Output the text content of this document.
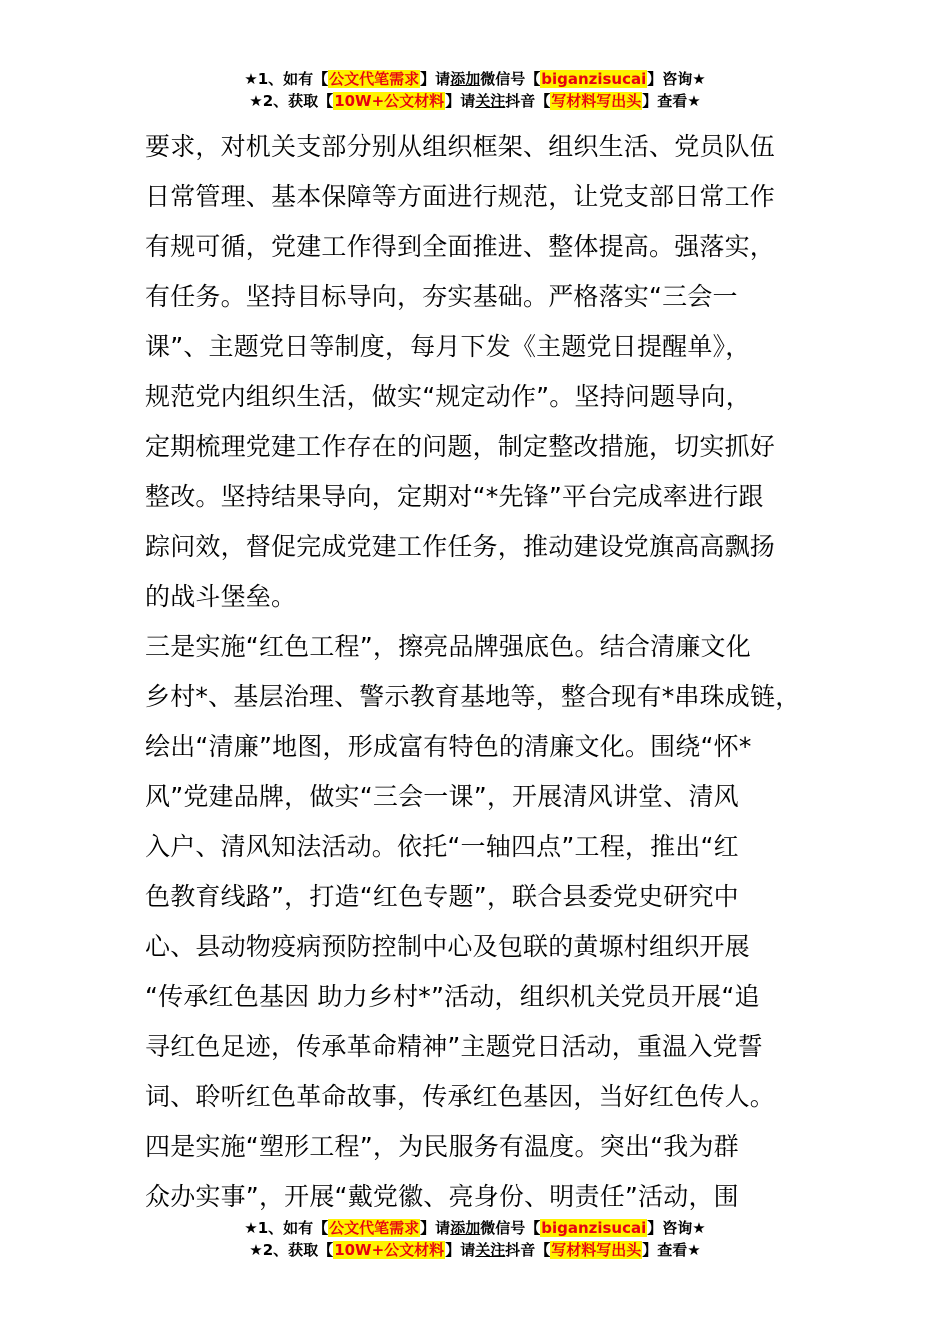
★1、如有【公文代笔需求】请添加微信号【biganzisucai】咨询★
★2、获取【10W+公文材料】请关注抖音【写材料写出头】查看★
要求，对机关支部分别从组织框架、组织生活、党员队伍
日常管理、基本保障等方面进行规范，让党支部日常工作
有规可循，党建工作得到全面推进、整体提高。强落实，
有任务。坚持目标导向，夯实基础。严格落实“三会一
课”、主题党日等制度，每月下发《主题党日提醒单》，
规范党内组织生活，做实“规定动作”。坚持问题导向，
定期梳理党建工作存在的问题，制定整改措施，切实抓好
整改。坚持结果导向，定期对“*先锋”平台完成率进行跟
踪问效，督促完成党建工作任务，推动建设党旗高高飘扬
的战斗堡垒。
三是实施“红色工程”，擦亮品牌强底色。结合清廉文化
乡村*、基层治理、警示教育基地等，整合现有*串珠成链，
绘出“清廉”地图，形成富有特色的清廉文化。围绕“怀*
风”党建品牌，做实“三会一课”，开展清风讲堂、清风
入户、清风知法活动。依托“一轴四点”工程，推出“红
色教育线路”，打造“红色专题”，联合县委党史研究中
心、县动物疫病预防控制中心及包联的黄塬村组织开展
“传承红色基因 助力乡村*”活动，组织机关党员开展“追
寻红色足迹，传承革命精神”主题党日活动，重温入党誓
词、聆听红色革命故事，传承红色基因，当好红色传人。
四是实施“塑形工程”，为民服务有温度。突出“我为群
众办实事”，开展“戴党徽、亮身份、明责任”活动，围
★1、如有【公文代笔需求】请添加微信号【biganzisucai】咨询★
★2、获取【10W+公文材料】请关注抖音【写材料写出头】查看★
